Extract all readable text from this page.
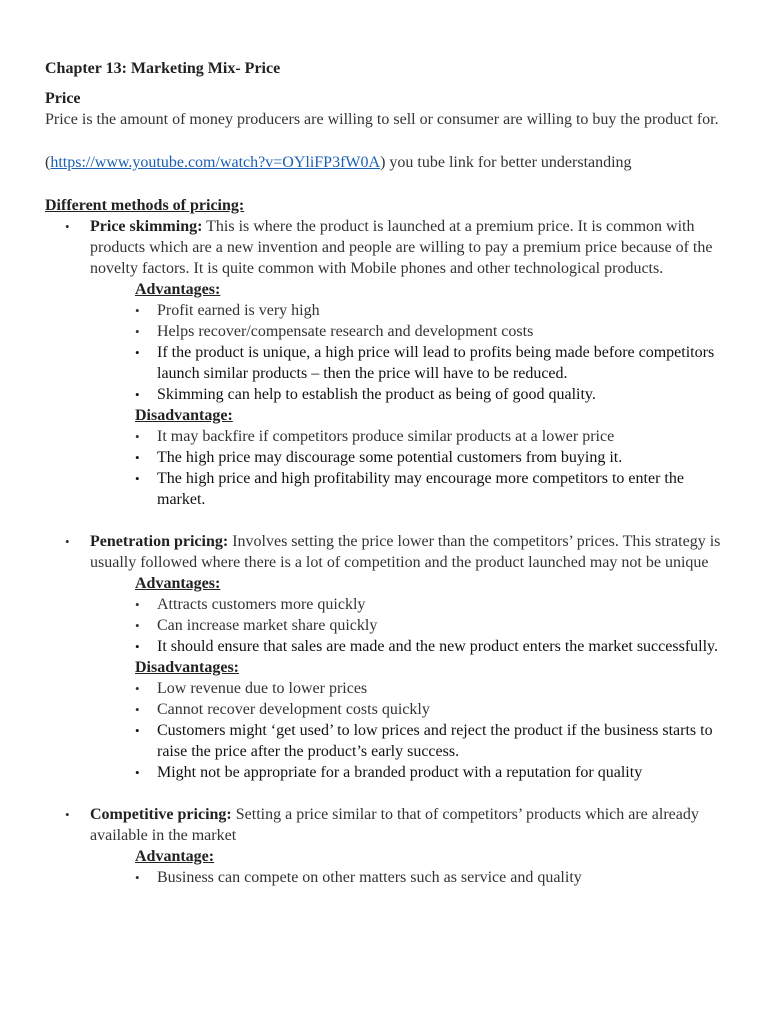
Chapter 13: Marketing Mix- Price

Price

Price is the amount of money producers are willing to sell or consumer are willing to buy the product for.

(https://www.youtube.com/watch?v=OYliFP3fW0A) you tube link for better understanding

Different methods of pricing:

• Price skimming: This is where the product is launched at a premium price. It is common with products which are a new invention and people are willing to pay a premium price because of the novelty factors. It is quite common with Mobile phones and other technological products.

Advantages:

• Profit earned is very high
• Helps recover/compensate research and development costs
• If the product is unique, a high price will lead to profits being made before competitors launch similar products – then the price will have to be reduced.
• Skimming can help to establish the product as being of good quality.

Disadvantage:

• It may backfire if competitors produce similar products at a lower price
• The high price may discourage some potential customers from buying it.
• The high price and high profitability may encourage more competitors to enter the market.
• Penetration pricing: Involves setting the price lower than the competitors’ prices. This strategy is usually followed where there is a lot of competition and the product launched may not be unique

Advantages:

• Attracts customers more quickly
• Can increase market share quickly
• It should ensure that sales are made and the new product enters the market successfully.

Disadvantages:

• Low revenue due to lower prices
• Cannot recover development costs quickly
• Customers might ‘get used’ to low prices and reject the product if the business starts to raise the price after the product’s early success.
• Might not be appropriate for a branded product with a reputation for quality
• Competitive pricing: Setting a price similar to that of competitors’ products which are already available in the market

Advantage:

• Business can compete on other matters such as service and quality
